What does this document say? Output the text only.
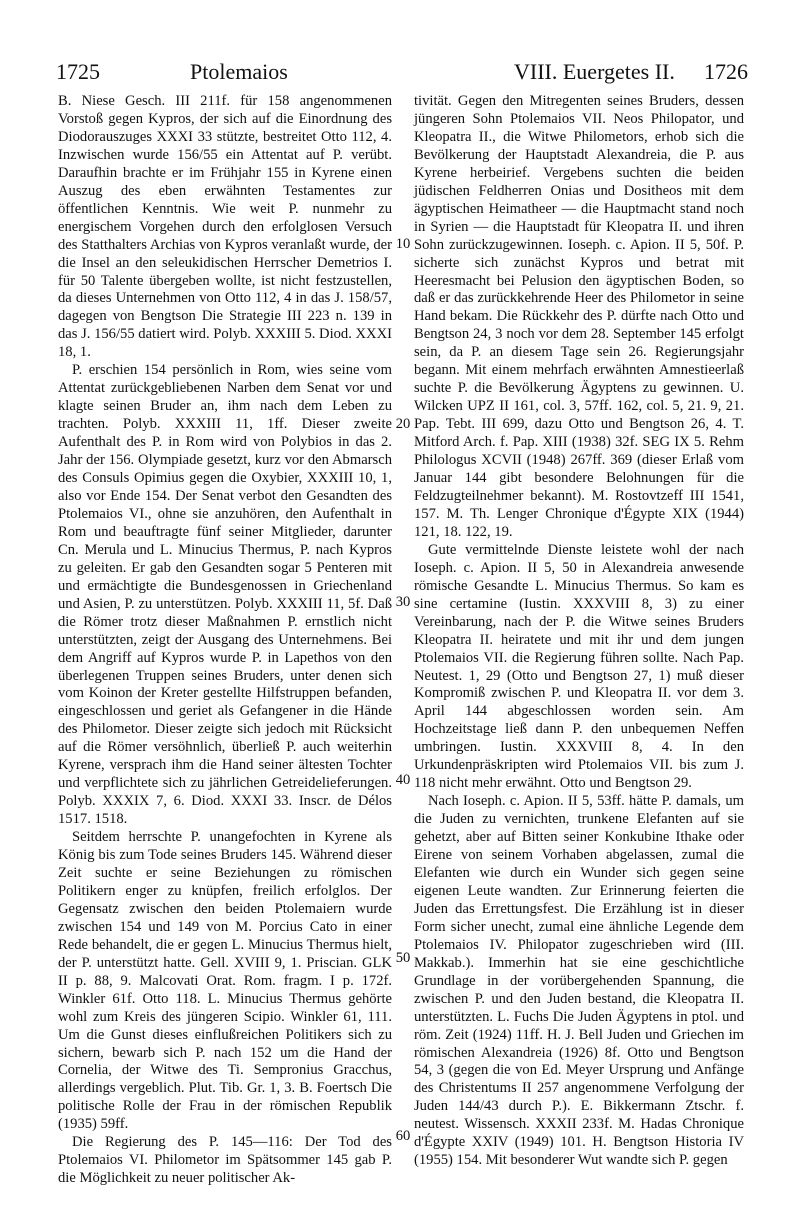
1725	Ptolemaios	VIII. Euergetes II. 1726

B. Niese Gesch. III 211f. für 158 angenommenen Vorstoß gegen Kypros, der sich auf die Einordnung des Diodorauszuges XXXI 33 stützte, bestreitet Otto 112, 4. Inzwischen wurde 156/55 ein Attentat auf P. verübt. Daraufhin brachte er im Frühjahr 155 in Kyrene einen Auszug des eben erwähnten Testamentes zur öffentlichen Kenntnis. Wie weit P. nunmehr zu energischem Vorgehen durch den erfolglosen Versuch des Statthalters Archias von Kypros veranlaßt wurde, der die Insel an den seleukidischen Herrscher Demetrios I. für 50 Talente übergeben wollte, ist nicht festzustellen, da dieses Unternehmen von Otto 112, 4 in das J. 158/57, dagegen von Bengtson Die Strategie III 223 n. 139 in das J. 156/55 datiert wird. Polyb. XXXIII 5. Diod. XXXI 18, 1.

P. erschien 154 persönlich in Rom, wies seine vom Attentat zurückgebliebenen Narben dem Senat vor und klagte seinen Bruder an, ihm nach dem Leben zu trachten. Polyb. XXXIII 11, 1ff. Dieser zweite Aufenthalt des P. in Rom wird von Polybios in das 2. Jahr der 156. Olympiade gesetzt, kurz vor den Abmarsch des Consuls Opimius gegen die Oxybier, XXXIII 10, 1, also vor Ende 154. Der Senat verbot den Gesandten des Ptolemaios VI., ohne sie anzuhören, den Aufenthalt in Rom und beauftragte fünf seiner Mitglieder, darunter Cn. Merula und L. Minucius Thermus, P. nach Kypros zu geleiten. Er gab den Gesandten sogar 5 Penteren mit und ermächtigte die Bundesgenossen in Griechenland und Asien, P. zu unterstützen. Polyb. XXXIII 11, 5f. Daß die Römer trotz dieser Maßnahmen P. ernstlich nicht unterstützten, zeigt der Ausgang des Unternehmens. Bei dem Angriff auf Kypros wurde P. in Lapethos von den überlegenen Truppen seines Bruders, unter denen sich vom Koinon der Kreter gestellte Hilfstruppen befanden, eingeschlossen und geriet als Gefangener in die Hände des Philometor. Dieser zeigte sich jedoch mit Rücksicht auf die Römer versöhnlich, überließ P. auch weiterhin Kyrene, versprach ihm die Hand seiner ältesten Tochter und verpflichtete sich zu jährlichen Getreidelieferungen. Polyb. XXXIX 7, 6. Diod. XXXI 33. Inscr. de Délos 1517. 1518.

Seitdem herrschte P. unangefochten in Kyrene als König bis zum Tode seines Bruders 145. Während dieser Zeit suchte er seine Beziehungen zu römischen Politikern enger zu knüpfen, freilich erfolglos. Der Gegensatz zwischen den beiden Ptolemaiern wurde zwischen 154 und 149 von M. Porcius Cato in einer Rede behandelt, die er gegen L. Minucius Thermus hielt, der P. unterstützt hatte. Gell. XVIII 9, 1. Priscian. GLK II p. 88, 9. Malcovati Orat. Rom. fragm. I p. 172f. Winkler 61f. Otto 118. L. Minucius Thermus gehörte wohl zum Kreis des jüngeren Scipio. Winkler 61, 111. Um die Gunst dieses einflußreichen Politikers sich zu sichern, bewarb sich P. nach 152 um die Hand der Cornelia, der Witwe des Ti. Sempronius Gracchus, allerdings vergeblich. Plut. Tib. Gr. 1, 3. B. Foertsch Die politische Rolle der Frau in der römischen Republik (1935) 59ff.

Die Regierung des P. 145—116: Der Tod des Ptolemaios VI. Philometor im Spätsommer 145 gab P. die Möglichkeit zu neuer politischer Ak-

10
20
30
40
50
60

tivität. Gegen den Mitregenten seines Bruders, dessen jüngeren Sohn Ptolemaios VII. Neos Philopator, und Kleopatra II., die Witwe Philometors, erhob sich die Bevölkerung der Hauptstadt Alexandreia, die P. aus Kyrene herbeirief. Vergebens suchten die beiden jüdischen Feldherren Onias und Dositheos mit dem ägyptischen Heimatheer — die Hauptmacht stand noch in Syrien — die Hauptstadt für Kleopatra II. und ihren Sohn zurückzugewinnen. Ioseph. c. Apion. II 5, 50f. P. sicherte sich zunächst Kypros und betrat mit Heeresmacht bei Pelusion den ägyptischen Boden, so daß er das zurückkehrende Heer des Philometor in seine Hand bekam. Die Rückkehr des P. dürfte nach Otto und Bengtson 24, 3 noch vor dem 28. September 145 erfolgt sein, da P. an diesem Tage sein 26. Regierungsjahr begann. Mit einem mehrfach erwähnten Amnestieerlaß suchte P. die Bevölkerung Ägyptens zu gewinnen. U. Wilcken UPZ II 161, col. 3, 57ff. 162, col. 5, 21. 9, 21. Pap. Tebt. III 699, dazu Otto und Bengtson 26, 4. T. Mitford Arch. f. Pap. XIII (1938) 32f. SEG IX 5. Rehm Philologus XCVII (1948) 267ff. 369 (dieser Erlaß vom Januar 144 gibt besondere Belohnungen für die Feldzugteilnehmer bekannt). M. Rostovtzeff III 1541, 157. M. Th. Lenger Chronique d'Égypte XIX (1944) 121, 18. 122, 19.

Gute vermittelnde Dienste leistete wohl der nach Ioseph. c. Apion. II 5, 50 in Alexandreia anwesende römische Gesandte L. Minucius Thermus. So kam es sine certamine (Iustin. XXXVIII 8, 3) zu einer Vereinbarung, nach der P. die Witwe seines Bruders Kleopatra II. heiratete und mit ihr und dem jungen Ptolemaios VII. die Regierung führen sollte. Nach Pap. Neutest. 1, 29 (Otto und Bengtson 27, 1) muß dieser Kompromiß zwischen P. und Kleopatra II. vor dem 3. April 144 abgeschlossen worden sein. Am Hochzeitstage ließ dann P. den unbequemen Neffen umbringen. Iustin. XXXVIII 8, 4. In den Urkundenpräskripten wird Ptolemaios VII. bis zum J. 118 nicht mehr erwähnt. Otto und Bengtson 29.

Nach Ioseph. c. Apion. II 5, 53ff. hätte P. damals, um die Juden zu vernichten, trunkene Elefanten auf sie gehetzt, aber auf Bitten seiner Konkubine Ithake oder Eirene von seinem Vorhaben abgelassen, zumal die Elefanten wie durch ein Wunder sich gegen seine eigenen Leute wandten. Zur Erinnerung feierten die Juden das Errettungsfest. Die Erzählung ist in dieser Form sicher unecht, zumal eine ähnliche Legende dem Ptolemaios IV. Philopator zugeschrieben wird (III. Makkab.). Immerhin hat sie eine geschichtliche Grundlage in der vorübergehenden Spannung, die zwischen P. und den Juden bestand, die Kleopatra II. unterstützten. L. Fuchs Die Juden Ägyptens in ptol. und röm. Zeit (1924) 11ff. H. J. Bell Juden und Griechen im römischen Alexandreia (1926) 8f. Otto und Bengtson 54, 3 (gegen die von Ed. Meyer Ursprung und Anfänge des Christentums II 257 angenommene Verfolgung der Juden 144/43 durch P.). E. Bikkermann Ztschr. f. neutest. Wissensch. XXXII 233f. M. Hadas Chronique d'Égypte XXIV (1949) 101. H. Bengtson Historia IV (1955) 154. Mit besonderer Wut wandte sich P. gegen
